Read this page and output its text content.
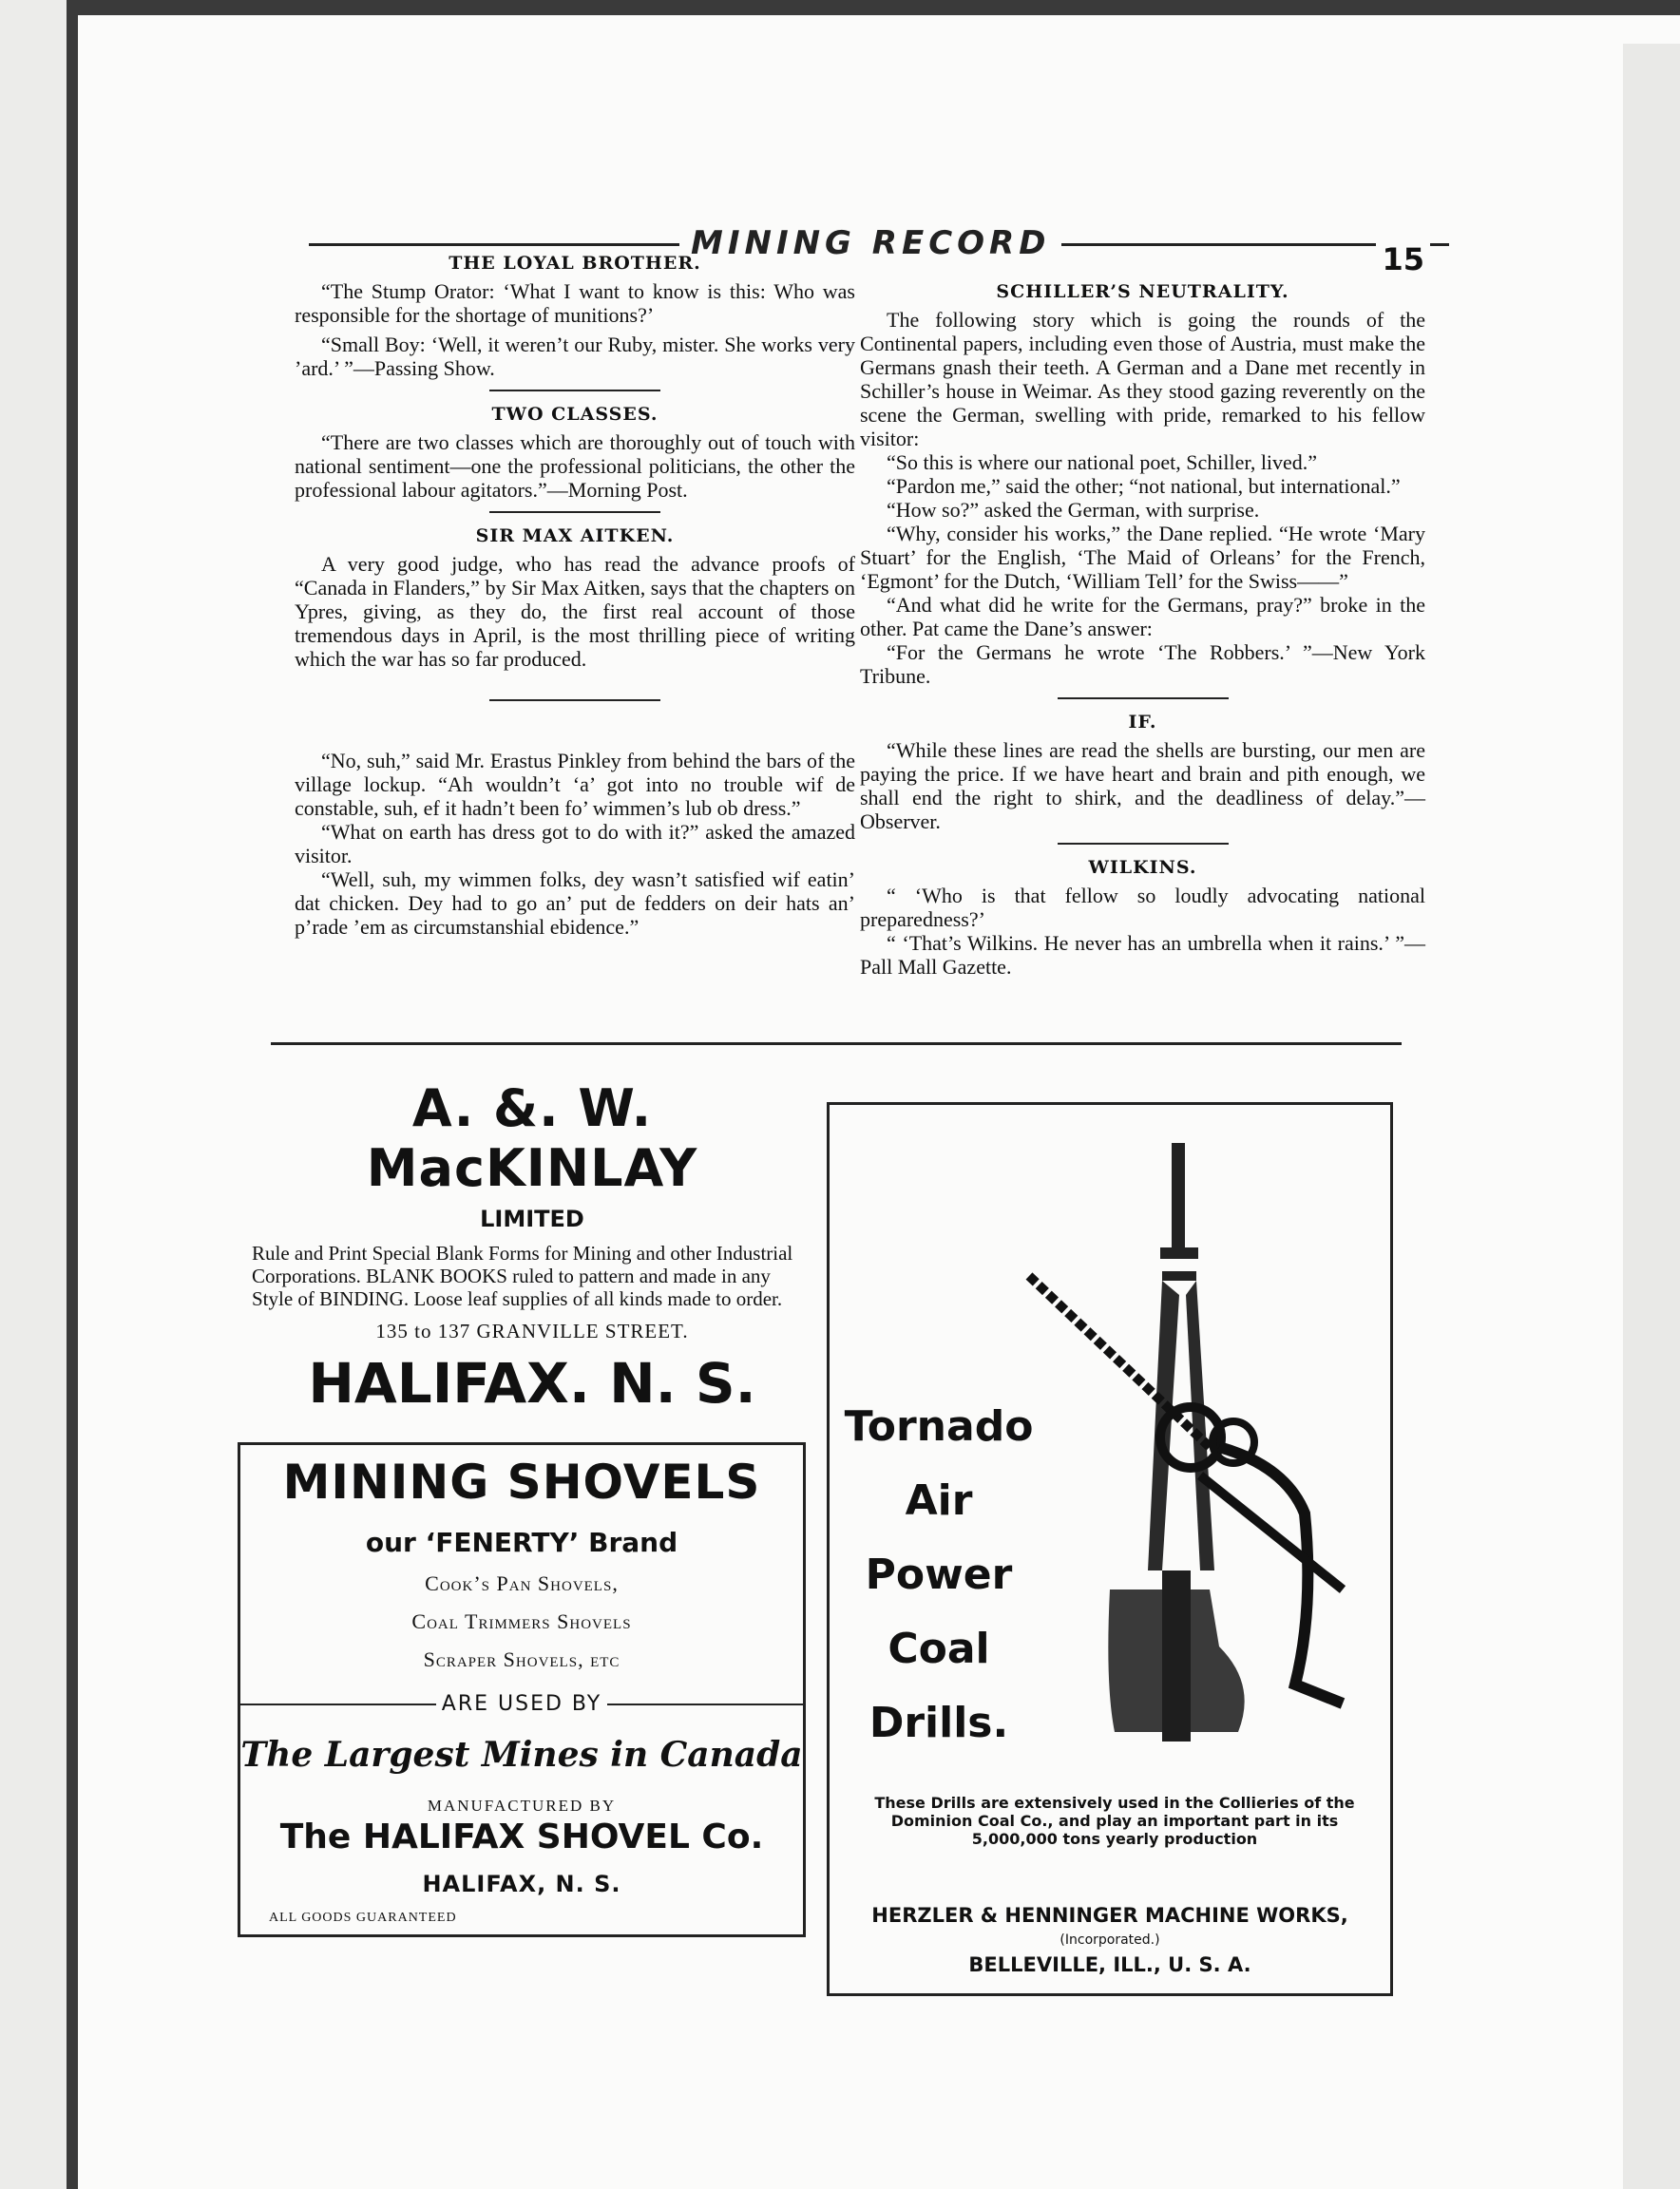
MINING RECORD	15
THE LOYAL BROTHER.

“The Stump Orator: ‘What I want to know is this: Who was responsible for the shortage of munitions?’

“Small Boy: ‘Well, it weren’t our Ruby, mister. She works very ’ard.’ ”—Passing Show.

TWO CLASSES.

“There are two classes which are thoroughly out of touch with national sentiment—one the professional politicians, the other the professional labour agitators.”—Morning Post.

SIR MAX AITKEN.

A very good judge, who has read the advance proofs of “Canada in Flanders,” by Sir Max Aitken, says that the chapters on Ypres, giving, as they do, the first real account of those tremendous days in April, is the most thrilling piece of writing which the war has so far produced.

“No, suh,” said Mr. Erastus Pinkley from behind the bars of the village lockup. “Ah wouldn’t ‘a’ got into no trouble wif de constable, suh, ef it hadn’t been fo’ wimmen’s lub ob dress.”

“What on earth has dress got to do with it?” asked the amazed visitor.

“Well, suh, my wimmen folks, dey wasn’t satisfied wif eatin’ dat chicken. Dey had to go an’ put de fedders on deir hats an’ p’rade ’em as circumstanshial ebidence.”

SCHILLER’S NEUTRALITY.

The following story which is going the rounds of the Continental papers, including even those of Austria, must make the Germans gnash their teeth. A German and a Dane met recently in Schiller’s house in Weimar. As they stood gazing reverently on the scene the German, swelling with pride, remarked to his fellow visitor:

“So this is where our national poet, Schiller, lived.”

“Pardon me,” said the other; “not national, but international.”

“How so?” asked the German, with surprise.

“Why, consider his works,” the Dane replied. “He wrote ‘Mary Stuart’ for the English, ‘The Maid of Orleans’ for the French, ‘Egmont’ for the Dutch, ‘William Tell’ for the Swiss——”

“And what did he write for the Germans, pray?” broke in the other. Pat came the Dane’s answer:

“For the Germans he wrote ‘The Robbers.’ ”—New York Tribune.

IF.

“While these lines are read the shells are bursting, our men are paying the price. If we have heart and brain and pith enough, we shall end the right to shirk, and the deadliness of delay.”—Observer.

WILKINS.

“ ‘Who is that fellow so loudly advocating national preparedness?’

“ ‘That’s Wilkins. He never has an umbrella when it rains.’ ”—Pall Mall Gazette.

A. &. W. MacKINLAY
LIMITED
Rule and Print Special Blank Forms for Mining and other Industrial Corporations. BLANK BOOKS ruled to pattern and made in any Style of BINDING. Loose leaf supplies of all kinds made to order.
135 to 137 GRANVILLE STREET.
HALIFAX. N. S.
MINING SHOVELS
our ‘FENERTY’ Brand
Cook’s Pan Shovels,
Coal Trimmers Shovels
Scraper Shovels, etc
ARE USED BY
The Largest Mines in Canada
MANUFACTURED BY
The HALIFAX SHOVEL Co.
HALIFAX, N. S.
ALL GOODS GUARANTEED
Tornado
Air
Power
Coal
Drills.
These Drills are extensively used in the Collieries of the Dominion Coal Co., and play an important part in its 5,000,000 tons yearly production
HERZLER & HENNINGER MACHINE WORKS,
(Incorporated.)
BELLEVILLE, ILL., U. S. A.
